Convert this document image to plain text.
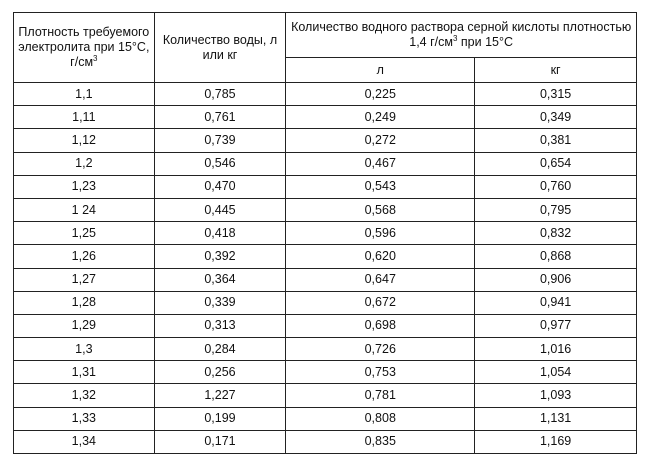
Плотность требуемого электролита при 15°С, $г/см^3$	Количество воды, л или кг	Количество водного раствора серной кислоты плотностью 1,4 $г/см^3$ при 15°С	

		л	кг
1,1	0,785	0,225	0,315
1,11	0,761	0,249	0,349
1,12	0,739	0,272	0,381
1,2	0,546	0,467	0,654
1,23	0,470	0,543	0,760
1 24	0,445	0,568	0,795
1,25	0,418	0,596	0,832
1,26	0,392	0,620	0,868
1,27	0,364	0,647	0,906
1,28	0,339	0,672	0,941
1,29	0,313	0,698	0,977
1,3	0,284	0,726	1,016
1,31	0,256	0,753	1,054
1,32	1,227	0,781	1,093
1,33	0,199	0,808	1,131
1,34	0,171	0,835	1,169
